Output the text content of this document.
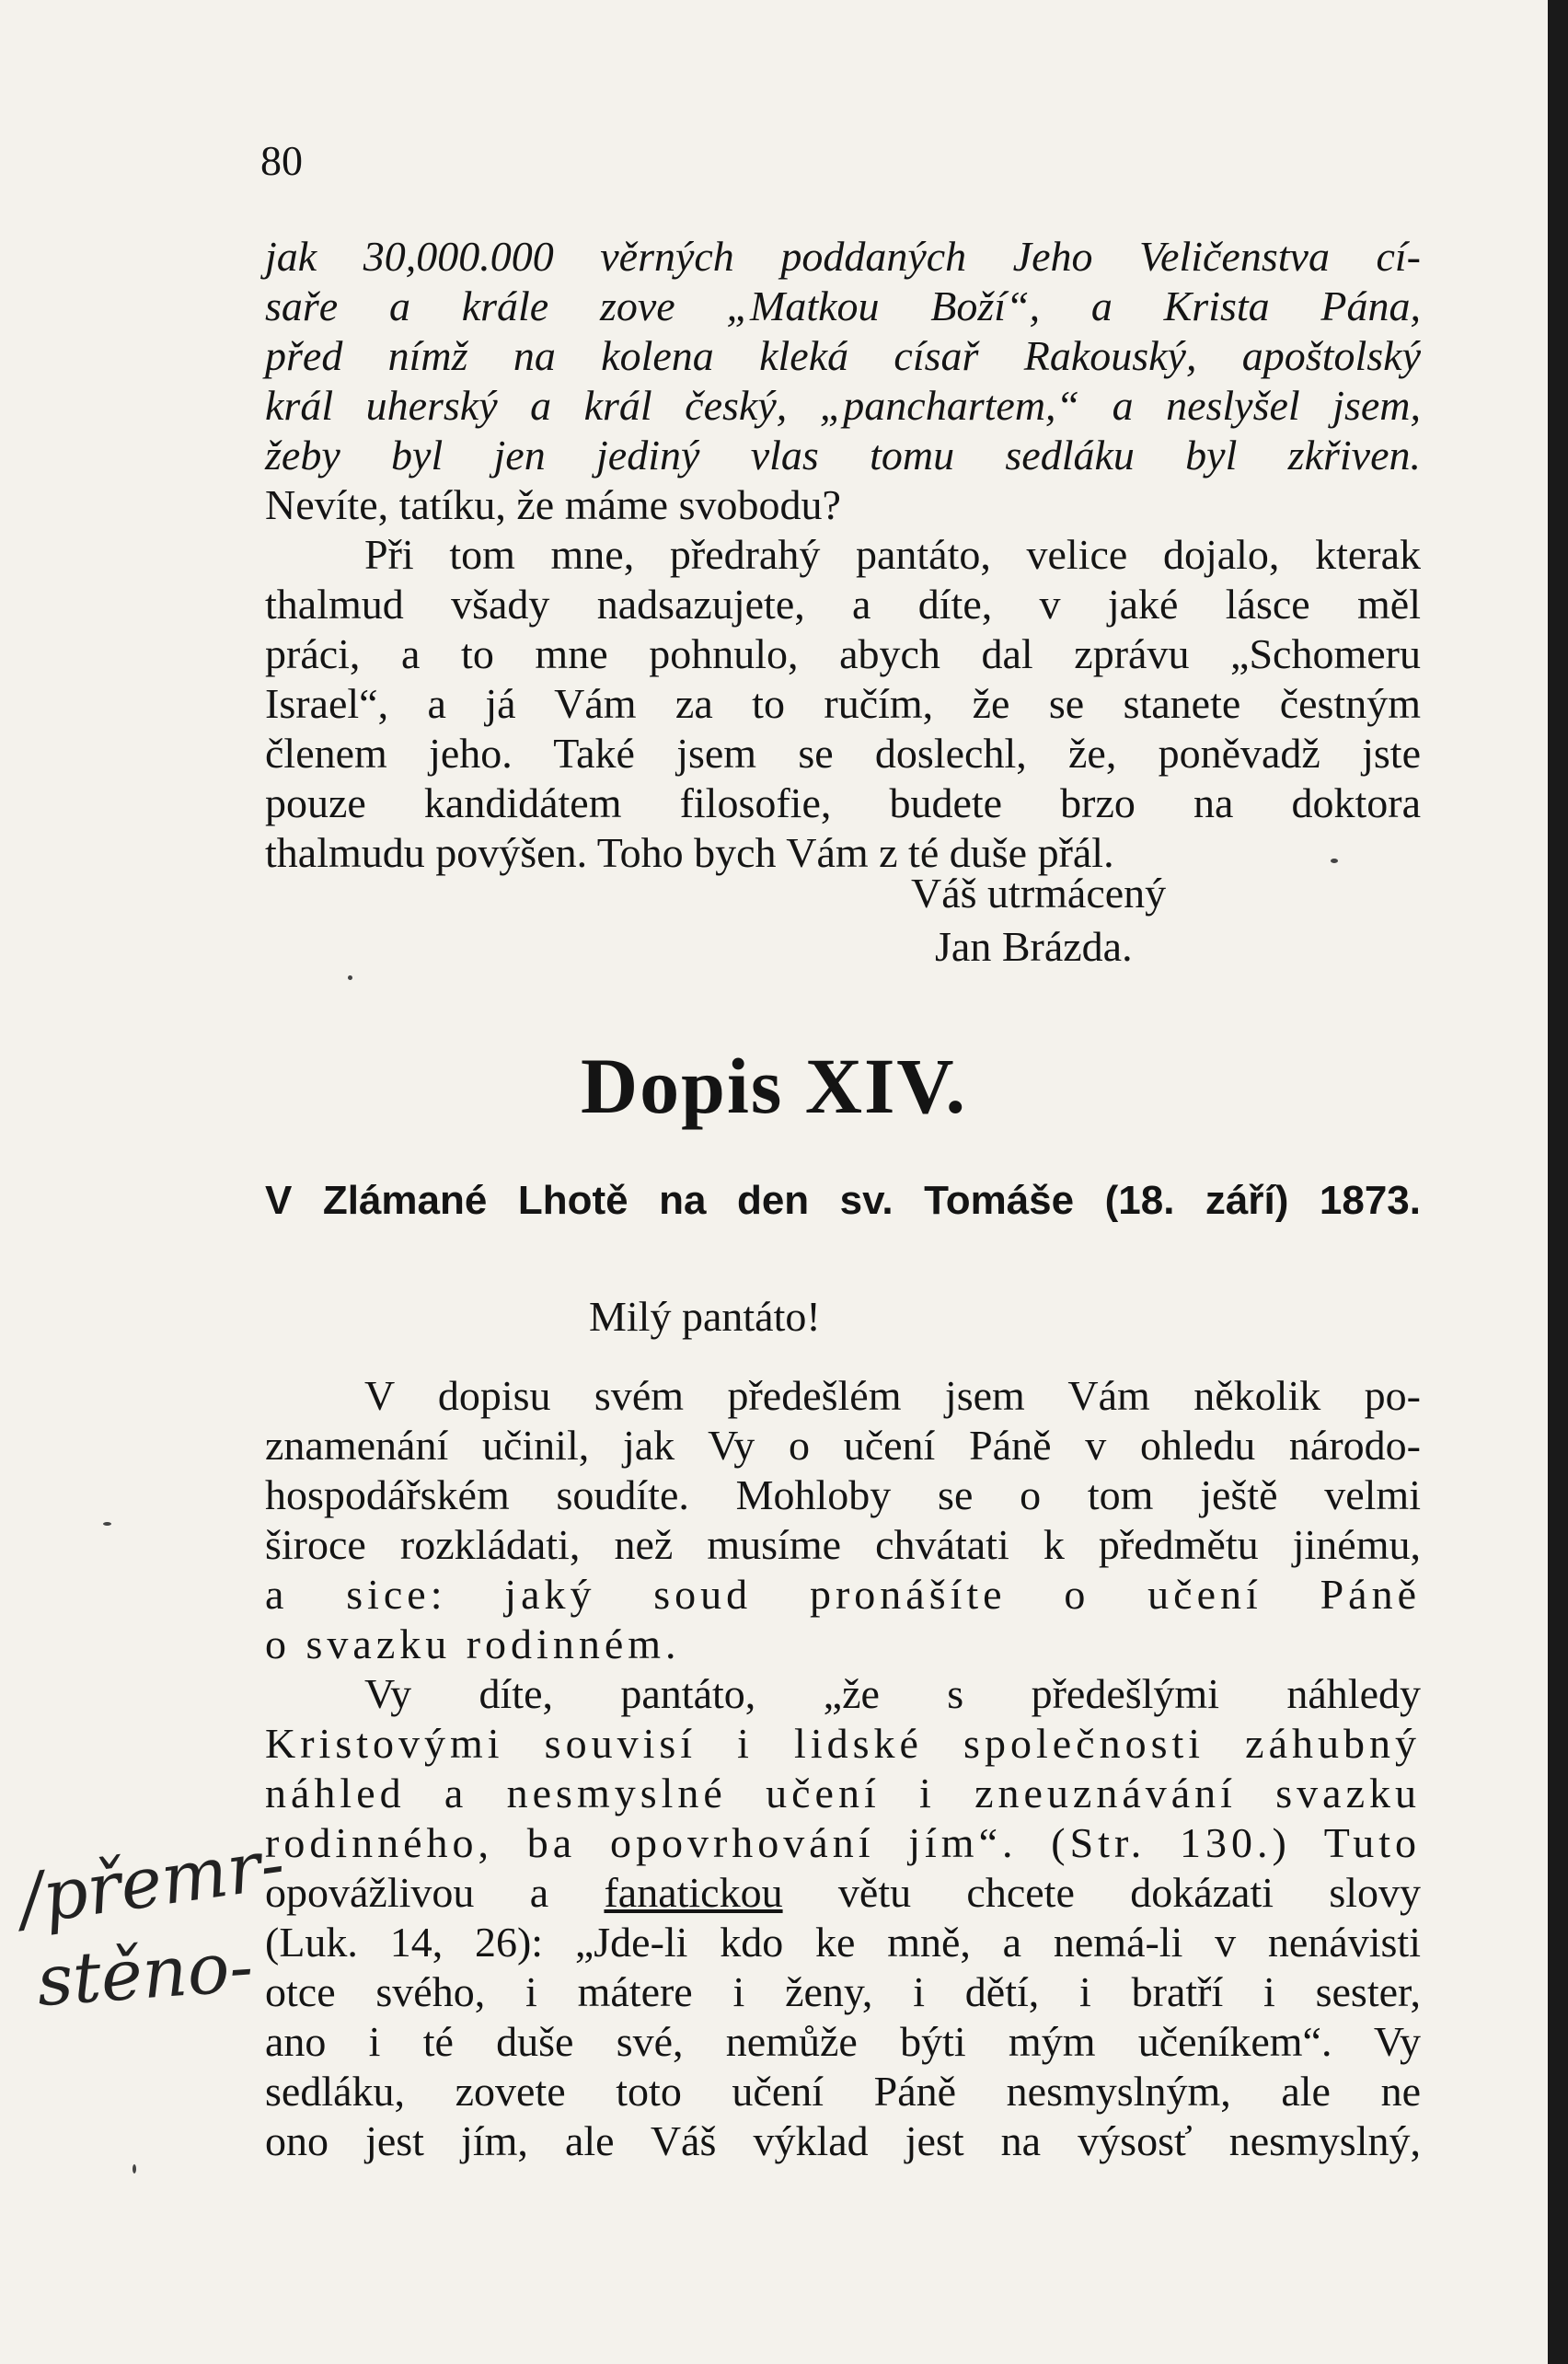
80

jak 30,000.000 věrných poddaných Jeho Veličenstva cí-

saře a krále zove „Matkou Boží“, a Krista Pána,

před nímž na kolena kleká císař Rakouský, apoštolský

král uherský a král český, „panchartem,“ a neslyšel jsem,

žeby byl jen jediný vlas tomu sedláku byl zkřiven.

Nevíte, tatíku, že máme svobodu?

Při tom mne, předrahý pantáto, velice dojalo, kterak

thalmud všady nadsazujete, a díte, v jaké lásce měl

práci, a to mne pohnulo, abych dal zprávu „Schomeru

Israel“, a já Vám za to ručím, že se stanete čestným

členem jeho. Také jsem se doslechl, že, poněvadž jste

pouze kandidátem filosofie, budete brzo na doktora

thalmudu povýšen. Toho bych Vám z té duše přál.

Váš utrmácený
Jan Brázda.
Dopis XIV.

V Zlámané Lhotě na den sv. Tomáše (18. září) 1873.

Milý pantáto!

V dopisu svém předešlém jsem Vám několik po-

znamenání učinil, jak Vy o učení Páně v ohledu národo-

hospodářském soudíte. Mohloby se o tom ještě velmi

široce rozkládati, než musíme chvátati k předmětu jinému,

a sice: jaký soud pronášíte o učení Páně

o svazku rodinném.

Vy díte, pantáto, „že s předešlými náhledy

Kristovými souvisí i lidské společnosti záhubný

náhled a nesmyslné učení i zneuznávání svazku

rodinného, ba opovrhování jím“. (Str. 130.) Tuto

opovážlivou a fanatickou větu chcete dokázati slovy

(Luk. 14, 26): „Jde-li kdo ke mně, a nemá-li v nenávisti

otce svého, i mátere i ženy, i dětí, i bratří i sester,

ano i té duše své, nemůže býti mým učeníkem“. Vy

sedláku, zovete toto učení Páně nesmyslným, ale ne

ono jest jím, ale Váš výklad jest na výsosť nesmyslný,

/přemr-
stěno-
